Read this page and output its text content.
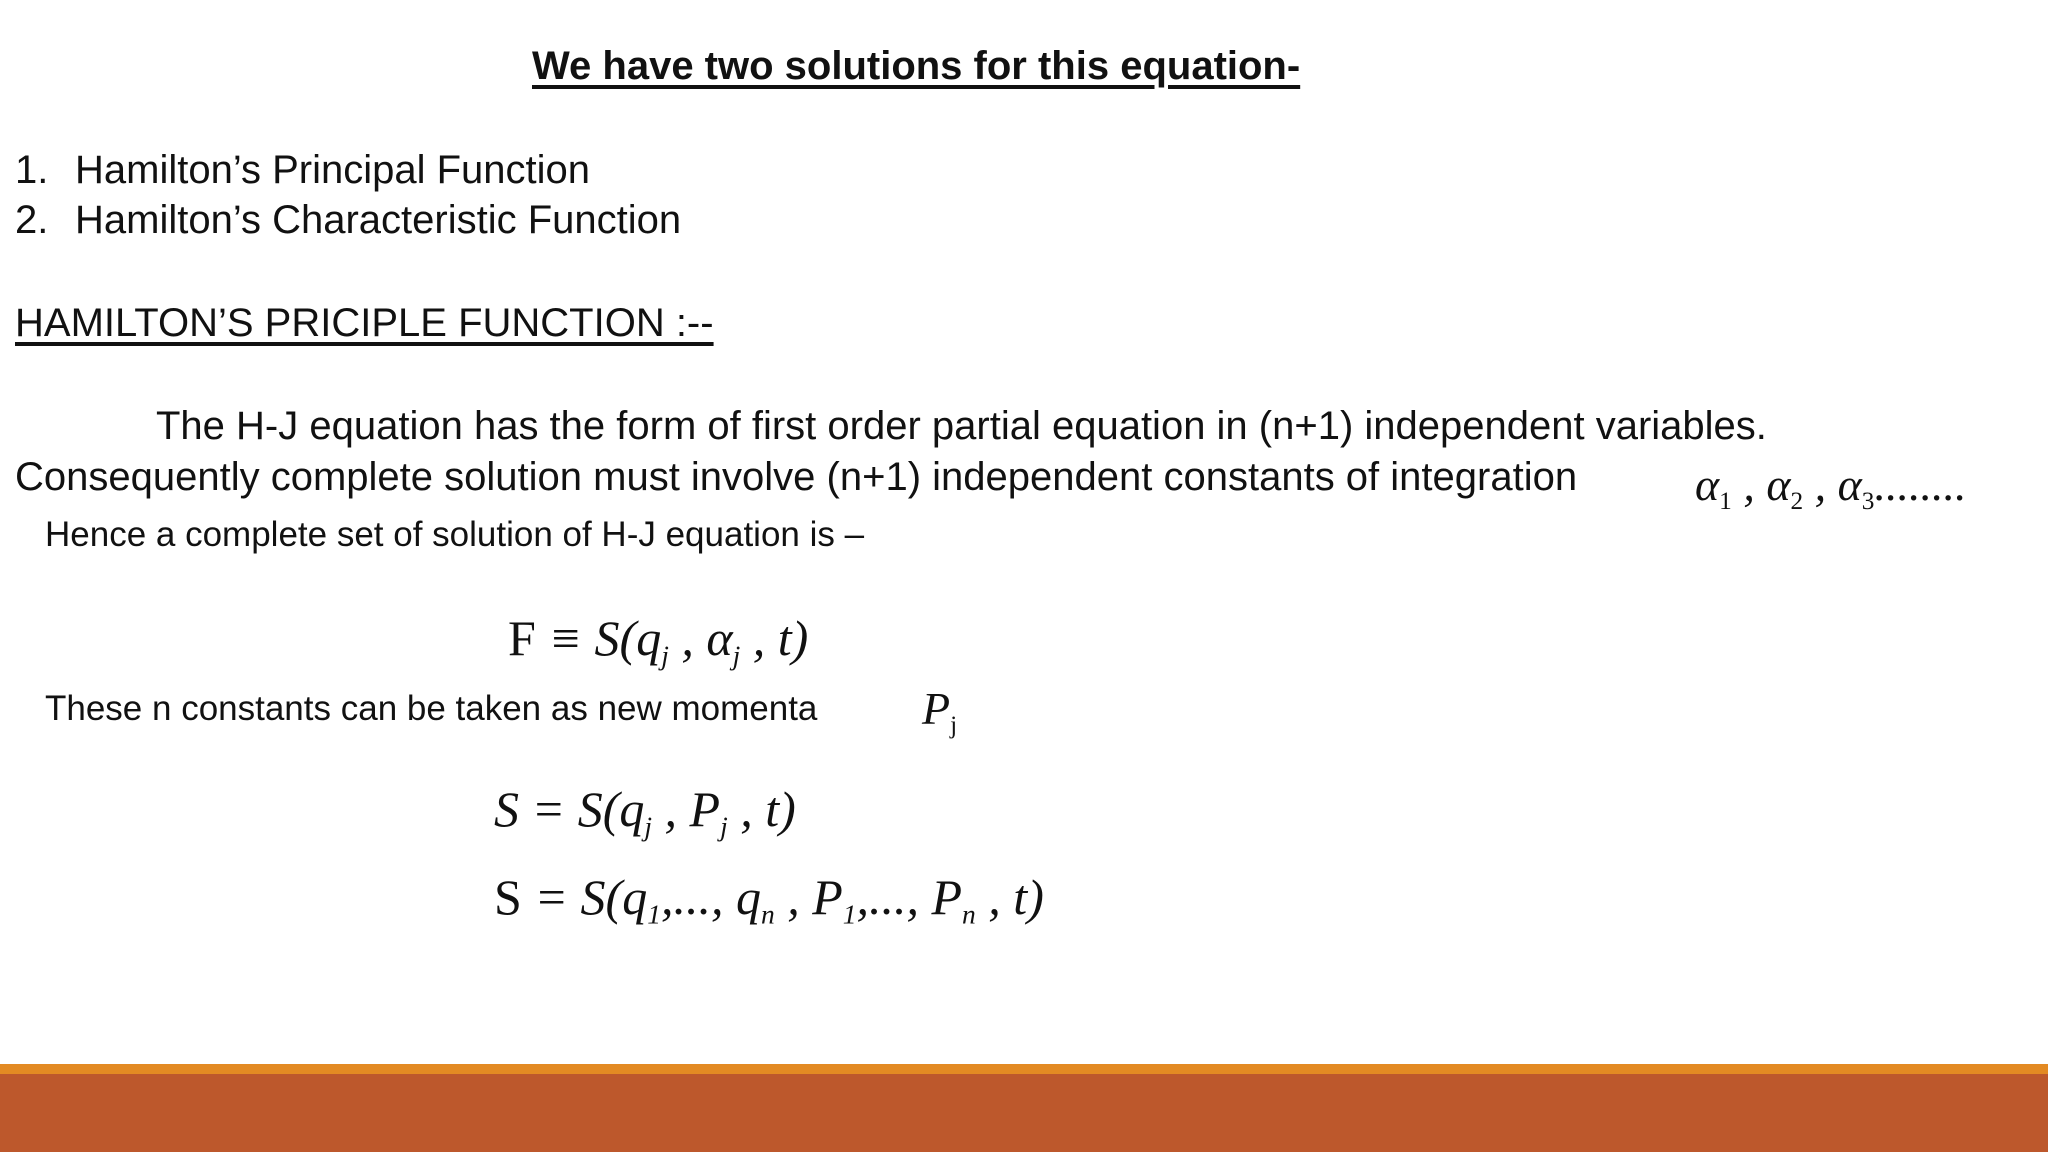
We have two solutions for this equation-
1. Hamilton’s Principal Function
2. Hamilton’s Characteristic Function
HAMILTON’S PRICIPLE FUNCTION :--
The H-J equation has the form of first order partial equation in (n+1) independent variables.
Consequently complete solution must involve (n+1) independent constants of integration	$\alpha_1$ , $\alpha_2$ , $\alpha_3$........
Hence a complete set of solution of H-J equation is –
$F \equiv S(q_j$ , $\alpha_j$ , t)
These n constants can be taken as new momenta $P_j$
$S = S(q_j$ , $P_j$ , t)
$S = S(q_1$,..., $q_n$ , $P_1$,..., $P_n$ , t)
